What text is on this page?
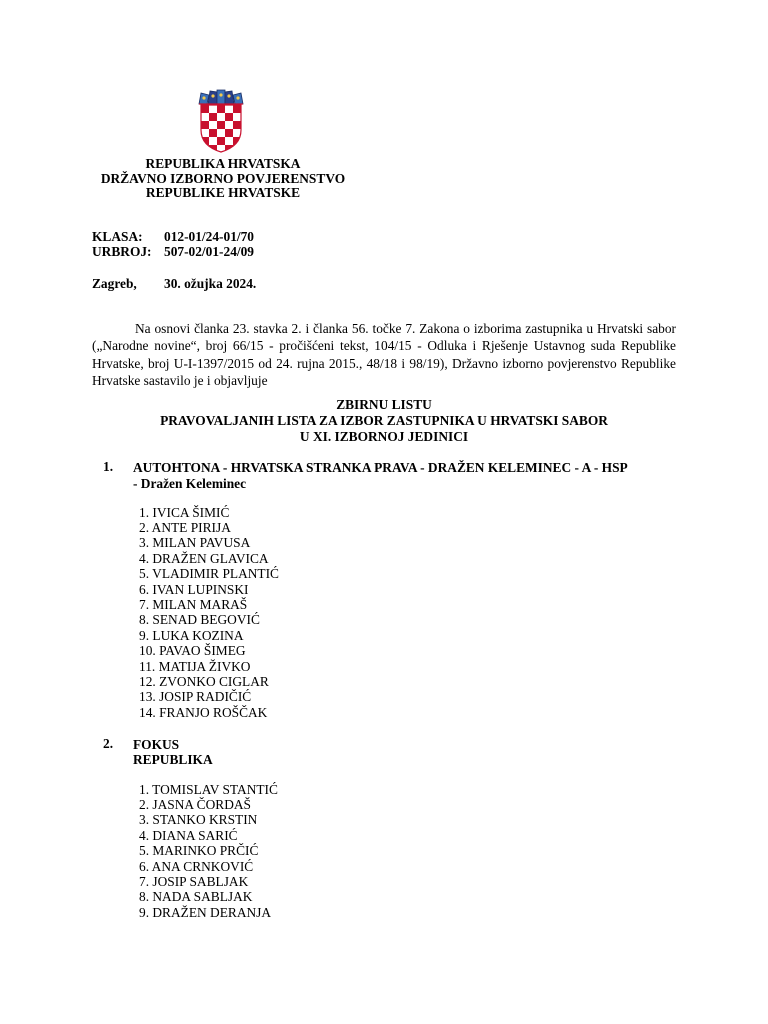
REPUBLIKA HRVATSKA
DRŽAVNO IZBORNO POVJERENSTVO
REPUBLIKE HRVATSKE
KLASA: 012-01/24-01/70
URBROJ: 507-02/01-24/09
Zagreb, 30. ožujka 2024.
Na osnovi članka 23. stavka 2. i članka 56. točke 7. Zakona o izborima zastupnika u Hrvatski sabor („Narodne novine“, broj 66/15 - pročišćeni tekst, 104/15 - Odluka i Rješenje Ustavnog suda Republike Hrvatske, broj U-I-1397/2015 od 24. rujna 2015., 48/18 i 98/19), Državno izborno povjerenstvo Republike Hrvatske sastavilo je i objavljuje
ZBIRNU LISTU
PRAVOVALJANIH LISTA ZA IZBOR ZASTUPNIKA U HRVATSKI SABOR
U XI. IZBORNOJ JEDINICI
1. AUTOHTONA - HRVATSKA STRANKA PRAVA - DRAŽEN KELEMINEC - A - HSP
- Dražen Keleminec
1. IVICA ŠIMIĆ
2. ANTE PIRIJA
3. MILAN PAVUSA
4. DRAŽEN GLAVICA
5. VLADIMIR PLANTIĆ
6. IVAN LUPINSKI
7. MILAN MARAŠ
8. SENAD BEGOVIĆ
9. LUKA KOZINA
10. PAVAO ŠIMEG
11. MATIJA ŽIVKO
12. ZVONKO CIGLAR
13. JOSIP RADIČIĆ
14. FRANJO ROŠČAK
2. FOKUS
REPUBLIKA
1. TOMISLAV STANTIĆ
2. JASNA ČORDAŠ
3. STANKO KRSTIN
4. DIANA SARIĆ
5. MARINKO PRČIĆ
6. ANA CRNKOVIĆ
7. JOSIP SABLJAK
8. NADA SABLJAK
9. DRAŽEN DERANJA
